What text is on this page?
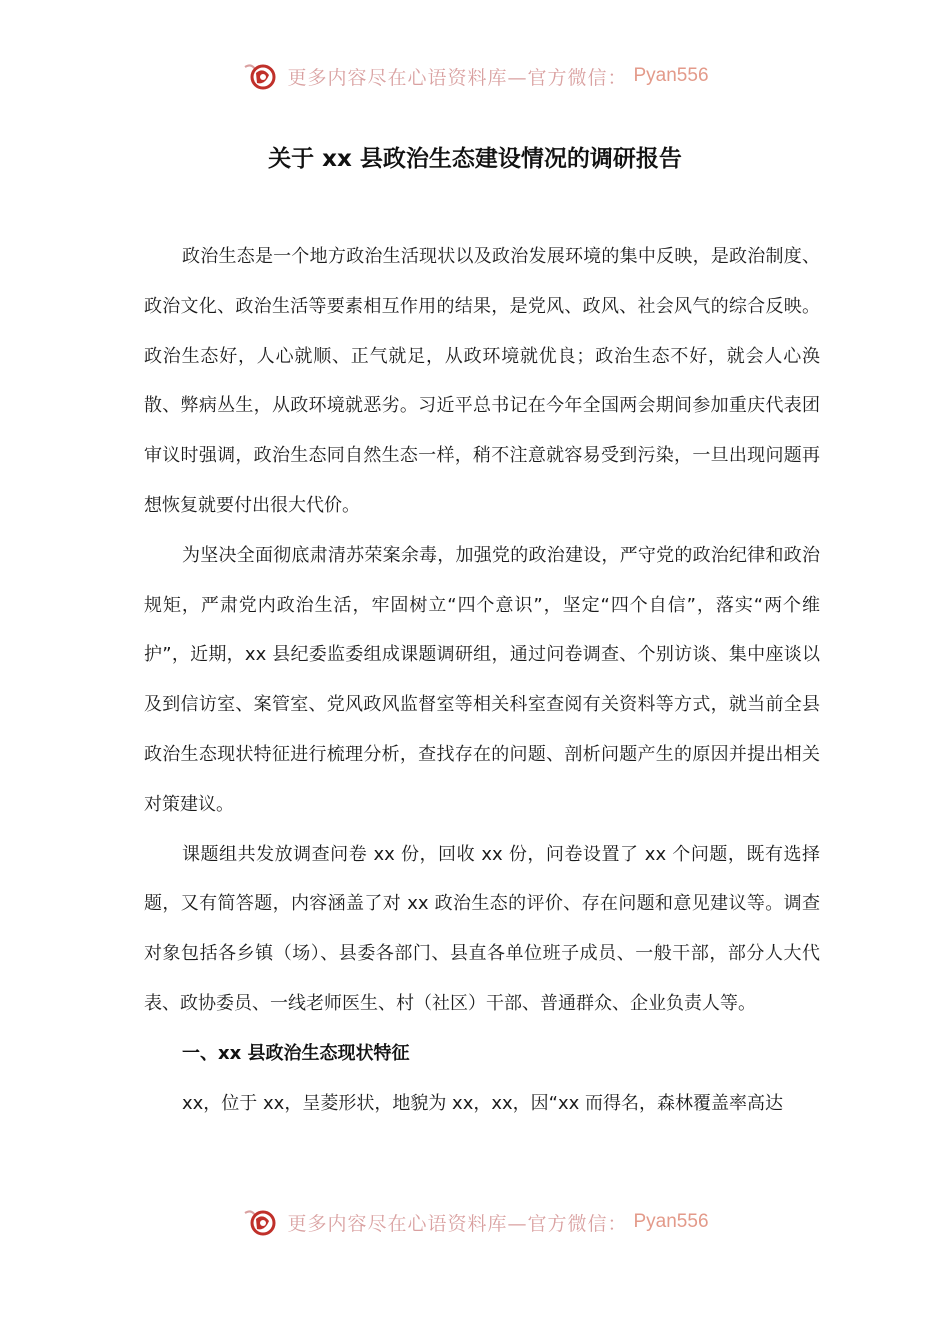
更多内容尽在心语资料库—官方微信： Pyan556
关于 xx 县政治生态建设情况的调研报告

政治生态是一个地方政治生活现状以及政治发展环境的集中反映，是政治制度、政治文化、政治生活等要素相互作用的结果，是党风、政风、社会风气的综合反映。政治生态好，人心就顺、正气就足，从政环境就优良；政治生态不好，就会人心涣散、弊病丛生，从政环境就恶劣。习近平总书记在今年全国两会期间参加重庆代表团审议时强调，政治生态同自然生态一样，稍不注意就容易受到污染，一旦出现问题再想恢复就要付出很大代价。

为坚决全面彻底肃清苏荣案余毒，加强党的政治建设，严守党的政治纪律和政治规矩，严肃党内政治生活，牢固树立“四个意识”，坚定“四个自信”，落实“两个维护”，近期，xx 县纪委监委组成课题调研组，通过问卷调查、个别访谈、集中座谈以及到信访室、案管室、党风政风监督室等相关科室查阅有关资料等方式，就当前全县政治生态现状特征进行梳理分析，查找存在的问题、剖析问题产生的原因并提出相关对策建议。

课题组共发放调查问卷 xx 份，回收 xx 份，问卷设置了 xx 个问题，既有选择题，又有简答题，内容涵盖了对 xx 政治生态的评价、存在问题和意见建议等。调查对象包括各乡镇（场）、县委各部门、县直各单位班子成员、一般干部，部分人大代表、政协委员、一线老师医生、村（社区）干部、普通群众、企业负责人等。

一、xx 县政治生态现状特征

xx，位于 xx，呈菱形状，地貌为 xx，xx，因“xx 而得名，森林覆盖率高达

更多内容尽在心语资料库—官方微信： Pyan556
